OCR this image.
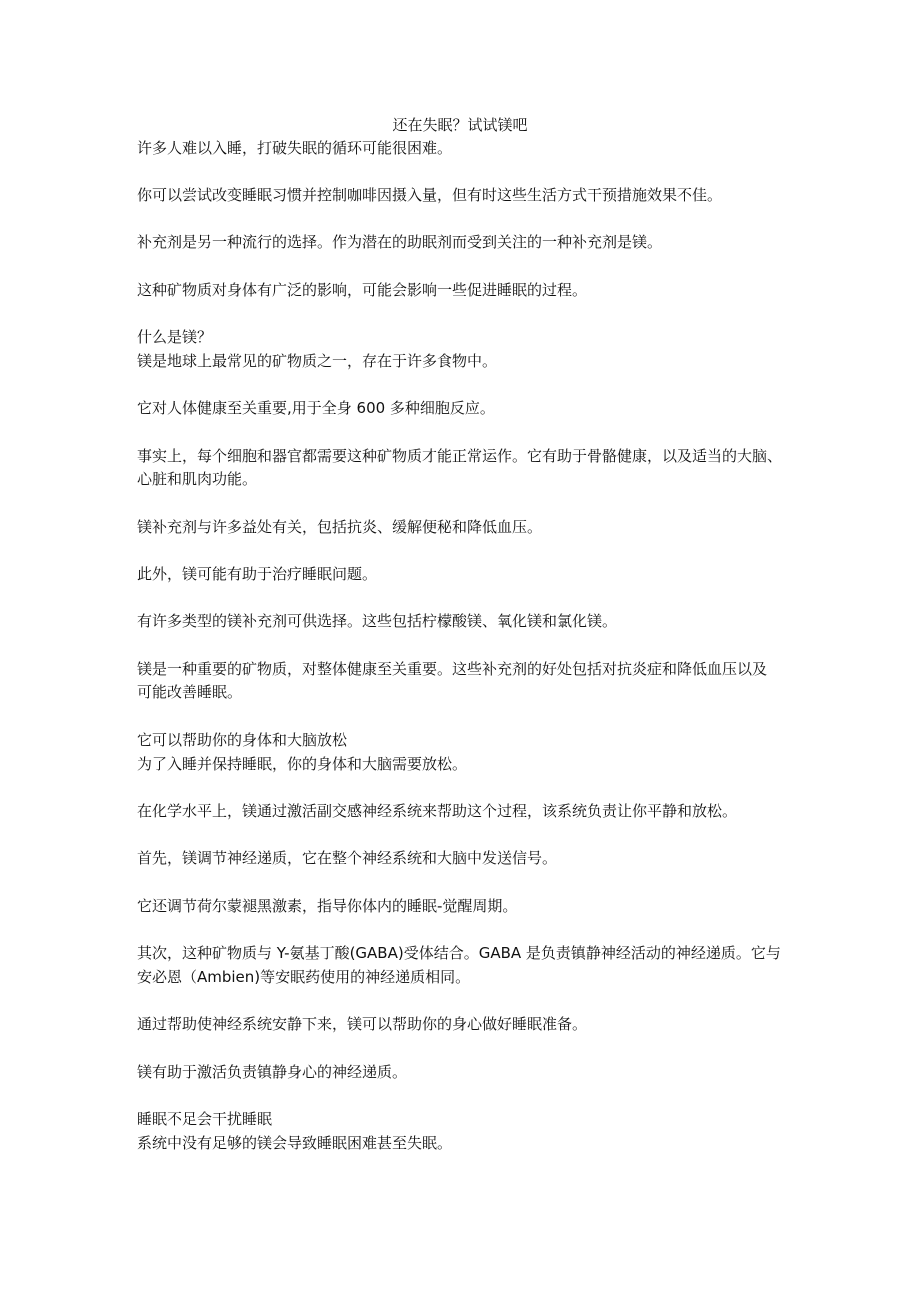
还在失眠？试试镁吧
许多人难以入睡，打破失眠的循环可能很困难。
你可以尝试改变睡眠习惯并控制咖啡因摄入量，但有时这些生活方式干预措施效果不佳。
补充剂是另一种流行的选择。作为潜在的助眠剂而受到关注的一种补充剂是镁。
这种矿物质对身体有广泛的影响，可能会影响一些促进睡眠的过程。
什么是镁？
镁是地球上最常见的矿物质之一，存在于许多食物中。
它对人体健康至关重要,用于全身 600 多种细胞反应。
事实上，每个细胞和器官都需要这种矿物质才能正常运作。它有助于骨骼健康，以及适当的大脑、
心脏和肌肉功能。
镁补充剂与许多益处有关，包括抗炎、缓解便秘和降低血压。
此外，镁可能有助于治疗睡眠问题。
有许多类型的镁补充剂可供选择。这些包括柠檬酸镁、氧化镁和氯化镁。
镁是一种重要的矿物质，对整体健康至关重要。这些补充剂的好处包括对抗炎症和降低血压以及
可能改善睡眠。
它可以帮助你的身体和大脑放松
为了入睡并保持睡眠，你的身体和大脑需要放松。
在化学水平上，镁通过激活副交感神经系统来帮助这个过程，该系统负责让你平静和放松。
首先，镁调节神经递质，它在整个神经系统和大脑中发送信号。
它还调节荷尔蒙褪黑激素，指导你体内的睡眠-觉醒周期。
其次，这种矿物质与 Y-氨基丁酸(GABA)受体结合。GABA 是负责镇静神经活动的神经递质。它与
安必恩（Ambien)等安眠药使用的神经递质相同。
通过帮助使神经系统安静下来，镁可以帮助你的身心做好睡眠准备。
镁有助于激活负责镇静身心的神经递质。
睡眠不足会干扰睡眠
系统中没有足够的镁会导致睡眠困难甚至失眠。
